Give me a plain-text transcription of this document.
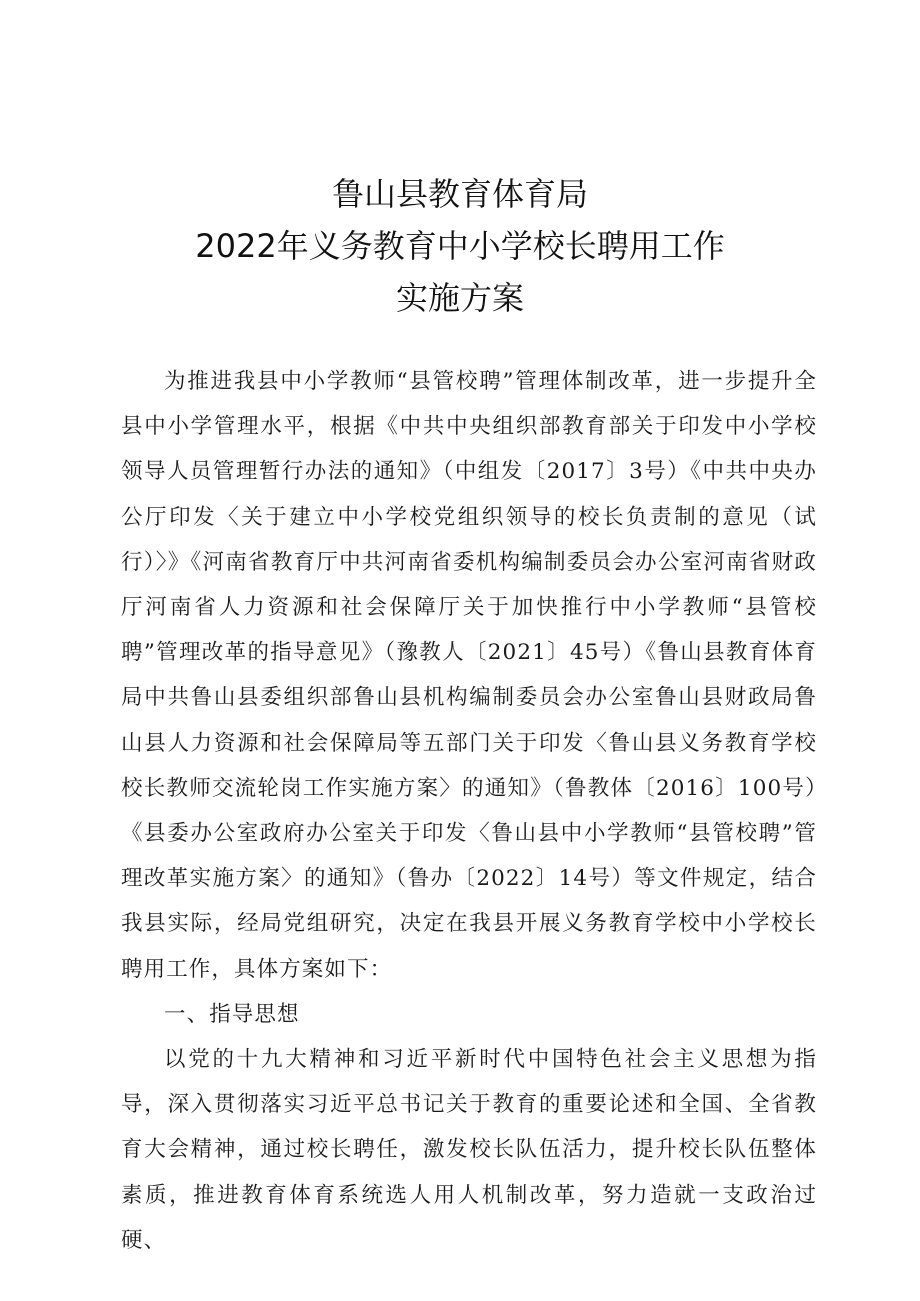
鲁山县教育体育局
2022年义务教育中小学校长聘用工作
实施方案

为推进我县中小学教师“县管校聘”管理体制改革，进一步提升全县中小学管理水平，根据《中共中央组织部教育部关于印发中小学校领导人员管理暂行办法的通知》（中组发〔2017〕3号）《中共中央办公厅印发〈关于建立中小学校党组织领导的校长负责制的意见（试行）〉》《河南省教育厅中共河南省委机构编制委员会办公室河南省财政厅河南省人力资源和社会保障厅关于加快推行中小学教师“县管校聘”管理改革的指导意见》（豫教人〔2021〕45号）《鲁山县教育体育局中共鲁山县委组织部鲁山县机构编制委员会办公室鲁山县财政局鲁山县人力资源和社会保障局等五部门关于印发〈鲁山县义务教育学校校长教师交流轮岗工作实施方案〉的通知》（鲁教体〔2016〕100号）《县委办公室政府办公室关于印发〈鲁山县中小学教师“县管校聘”管理改革实施方案〉的通知》（鲁办〔2022〕14号）等文件规定，结合我县实际，经局党组研究，决定在我县开展义务教育学校中小学校长聘用工作，具体方案如下：

一、指导思想

以党的十九大精神和习近平新时代中国特色社会主义思想为指导，深入贯彻落实习近平总书记关于教育的重要论述和全国、全省教育大会精神，通过校长聘任，激发校长队伍活力，提升校长队伍整体素质，推进教育体育系统选人用人机制改革，努力造就一支政治过硬、
